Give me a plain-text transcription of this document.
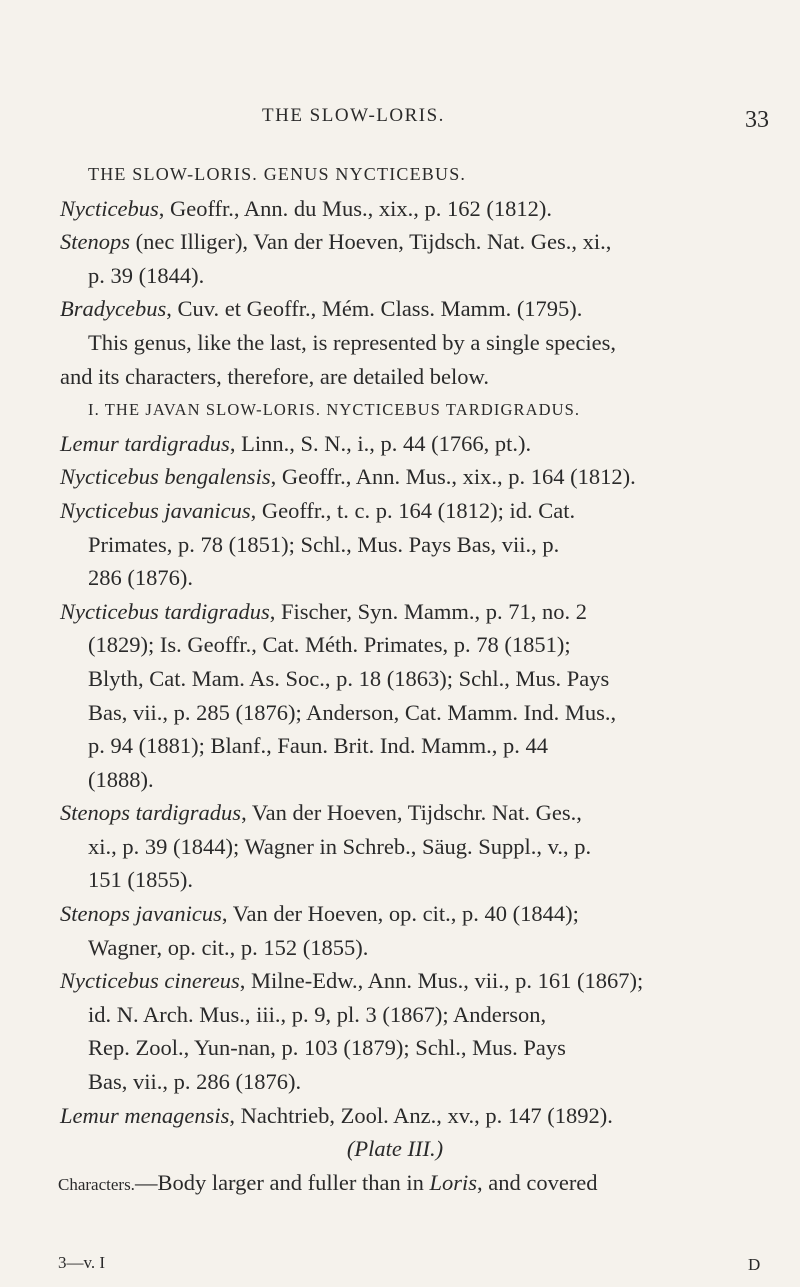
THE SLOW-LORIS.	33
THE SLOW-LORIS. GENUS NYCTICEBUS.
Nycticebus, Geoffr., Ann. du Mus., xix., p. 162 (1812).
Stenops (nec Illiger), Van der Hoeven, Tijdsch. Nat. Ges., xi.,
p. 39 (1844).
Bradycebus, Cuv. et Geoffr., Mém. Class. Mamm. (1795).
This genus, like the last, is represented by a single species,
and its characters, therefore, are detailed below.
I. THE JAVAN SLOW-LORIS. NYCTICEBUS TARDIGRADUS.
Lemur tardigradus, Linn., S. N., i., p. 44 (1766, pt.).
Nycticebus bengalensis, Geoffr., Ann. Mus., xix., p. 164 (1812).
Nycticebus javanicus, Geoffr., t. c. p. 164 (1812); id. Cat.
Primates, p. 78 (1851); Schl., Mus. Pays Bas, vii., p.
286 (1876).
Nycticebus tardigradus, Fischer, Syn. Mamm., p. 71, no. 2
(1829); Is. Geoffr., Cat. Méth. Primates, p. 78 (1851);
Blyth, Cat. Mam. As. Soc., p. 18 (1863); Schl., Mus. Pays
Bas, vii., p. 285 (1876); Anderson, Cat. Mamm. Ind. Mus.,
p. 94 (1881); Blanf., Faun. Brit. Ind. Mamm., p. 44
(1888).
Stenops tardigradus, Van der Hoeven, Tijdschr. Nat. Ges.,
xi., p. 39 (1844); Wagner in Schreb., Säug. Suppl., v., p.
151 (1855).
Stenops javanicus, Van der Hoeven, op. cit., p. 40 (1844);
Wagner, op. cit., p. 152 (1855).
Nycticebus cinereus, Milne-Edw., Ann. Mus., vii., p. 161 (1867);
id. N. Arch. Mus., iii., p. 9, pl. 3 (1867); Anderson,
Rep. Zool., Yun-nan, p. 103 (1879); Schl., Mus. Pays
Bas, vii., p. 286 (1876).
Lemur menagensis, Nachtrieb, Zool. Anz., xv., p. 147 (1892).
(Plate III.)
Characters.—Body larger and fuller than in Loris, and covered
3—v. I	D
